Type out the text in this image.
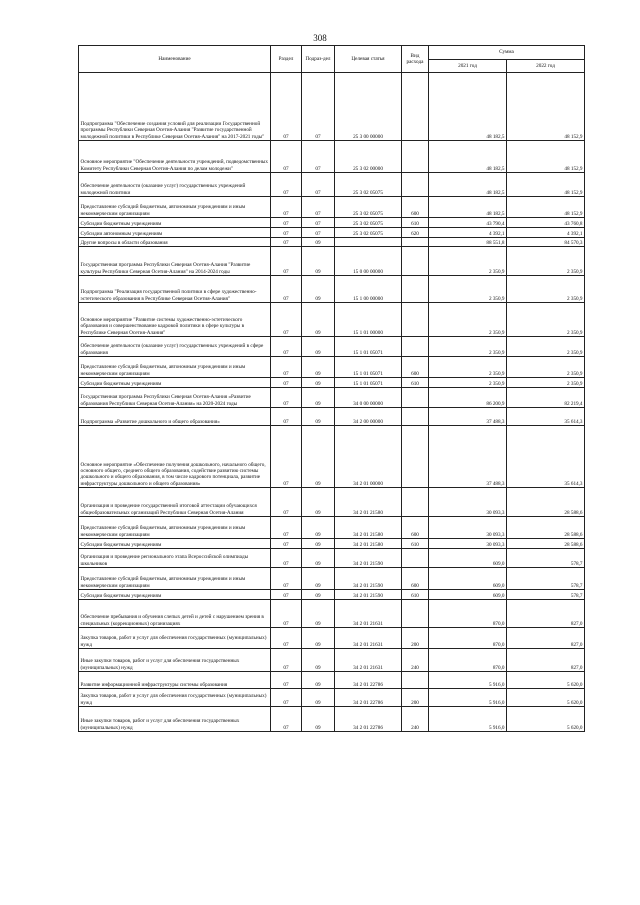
308
Наименование	Раздел	Подраз-дел	Целевая статья	Вид расхода	Сумма	
					2021 год	2022 год
Подпрограмма "Обеспечение создания условий для реализации Государственной программы Республики Северная Осетия-Алания "Развитие государственной молодежной политики в Республике Северная Осетия-Алания" на 2017-2021 годы"	07	07	25 3 00 00000		48 182,5	48 152,9
Основное мероприятие "Обеспечение деятельности учреждений, подведомственных Комитету Республики Северная Осетия-Алания по делам молодежи"	07	07	25 3 02 00000		48 182,5	48 152,9
Обеспечение деятельности (оказание услуг) государственных учреждений молодежной политики	07	07	25 3 02 05075		48 182,5	48 152,9
Предоставление субсидий бюджетным, автономным учреждениям и иным некоммерческим организациям	07	07	25 3 02 05075	600	48 182,5	48 152,9
Субсидии бюджетным учреждениям	07	07	25 3 02 05075	610	43 790,4	43 760,8
Субсидии автономным учреждениям	07	07	25 3 02 05075	620	4 392,1	4 392,1
Другие вопросы в области образования	07	09			88 551,8	84 570,3
Государственная программа Республики Северная Осетия-Алания "Развитие культуры Республики Северная Осетия-Алания" на 2014-2024 годы	07	09	15 0 00 00000		2 350,9	2 350,9
Подпрограмма "Реализация государственной политики в сфере художественно-эстетического образования в Республике Северная Осетия-Алания"	07	09	15 1 00 00000		2 350,9	2 350,9
Основное мероприятие "Развитие системы художественно-эстетического образования и совершенствование кадровой политики в сфере культуры в Республике Северная Осетия-Алания"	07	09	15 1 01 00000		2 350,9	2 350,9
Обеспечение деятельности (оказание услуг) государственных учреждений в сфере образования	07	09	15 1 01 05071		2 350,9	2 350,9
Предоставление субсидий бюджетным, автономным учреждениям и иным некоммерческим организациям	07	09	15 1 01 05071	600	2 350,9	2 350,9
Субсидии бюджетным учреждениям	07	09	15 1 01 05071	610	2 350,9	2 350,9
Государственная программа Республики Северная Осетия-Алания «Развитие образования Республики Северная Осетия-Алания» на 2020-2024 годы	07	09	34 0 00 00000		86 200,9	82 219,4
Подпрограмма «Развитие дошкольного и общего образования»	07	09	34 2 00 00000		37 488,3	35 614,3
Основное мероприятие «Обеспечение получения дошкольного, начального общего, основного общего, среднего общего образования, содействие развитию системы дошкольного и общего образования, в том числе кадрового потенциала, развитие инфраструктуры дошкольного и общего образования»	07	09	34 2 01 00000		37 488,3	35 614,3
Организация и проведение государственной итоговой аттестации обучающихся общеобразовательных организаций Республики Северная Осетия-Алания	07	09	34 2 01 21580		30 093,3	28 588,6
Предоставление субсидий бюджетным, автономным учреждениям и иным некоммерческим организациям	07	09	34 2 01 21580	600	30 093,3	28 588,6
Субсидии бюджетным учреждениям	07	09	34 2 01 21580	610	30 093,3	28 588,6
Организация и проведение регионального этапа Всероссийской олимпиады школьников	07	09	34 2 01 21590		609,0	578,7
Предоставление субсидий бюджетным, автономным учреждениям и иным некоммерческим организациям	07	09	34 2 01 21590	600	609,0	578,7
Субсидии бюджетным учреждениям	07	09	34 2 01 21590	610	609,0	578,7
Обеспечение пребывания и обучения слепых детей и детей с нарушением зрения в специальных (коррекционных) организациях	07	09	34 2 01 21631		870,0	827,0
Закупка товаров, работ и услуг для обеспечения государственных (муниципальных) нужд	07	09	34 2 01 21631	200	870,0	827,0
Иные закупки товаров, работ и услуг для обеспечения государственных (муниципальных) нужд	07	09	34 2 01 21631	240	870,0	827,0
Развитие информационной инфраструктуры системы образования	07	09	34 2 01 22786		5 916,0	5 620,0
Закупка товаров, работ и услуг для обеспечения государственных (муниципальных) нужд	07	09	34 2 01 22786	200	5 916,0	5 620,0
Иные закупки товаров, работ и услуг для обеспечения государственных (муниципальных) нужд	07	09	34 2 01 22786	240	5 916,0	5 620,0
